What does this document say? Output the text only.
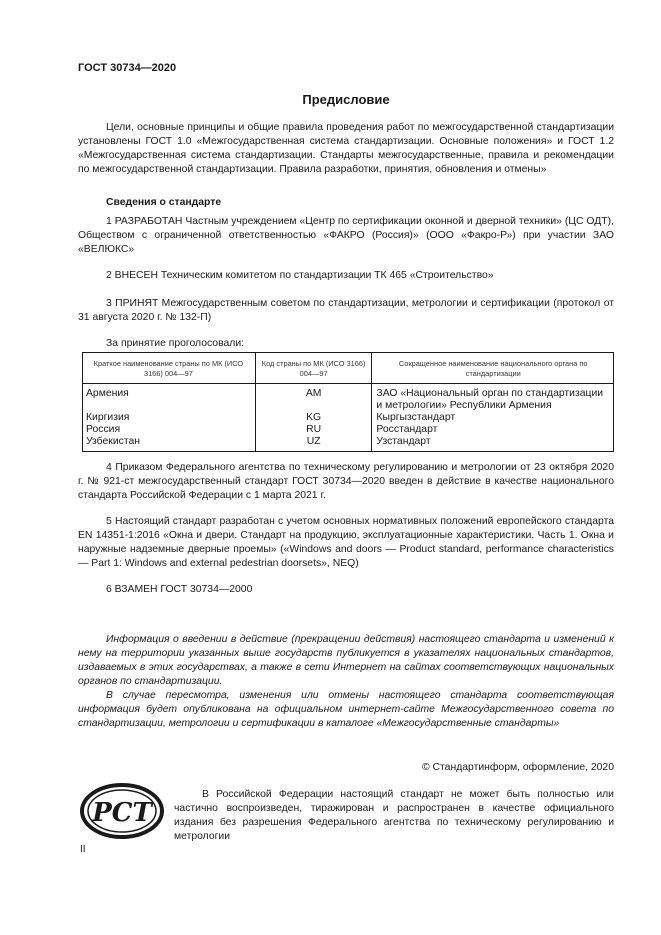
ГОСТ 30734—2020
Предисловие
Цели, основные принципы и общие правила проведения работ по межгосударственной стандартизации установлены ГОСТ 1.0 «Межгосударственная система стандартизации. Основные положения» и ГОСТ 1.2 «Межгосударственная система стандартизации. Стандарты межгосударственные, правила и рекомендации по межгосударственной стандартизации. Правила разработки, принятия, обновления и отмены»
Сведения о стандарте
1 РАЗРАБОТАН Частным учреждением «Центр по сертификации оконной и дверной техники» (ЦС ОДТ), Обществом с ограниченной ответственностью «ФАКРО (Россия)» (ООО «Факро-Р») при участии ЗАО «ВЕЛЮКС»
2 ВНЕСЕН Техническим комитетом по стандартизации ТК 465 «Строительство»
3 ПРИНЯТ Межгосударственным советом по стандартизации, метрологии и сертификации (протокол от 31 августа 2020 г. № 132-П)
За принятие проголосовали:
Краткое наименование страны по МК (ИСО 3166) 004—97	Код страны по МК (ИСО 3166) 004—97	Сокращенное наименование национального органа по стандартизации
Армения	AM	ЗАО «Национальный орган по стандартизации и метрологии» Республики Армения
Киргизия	KG	Кыргызстандарт
Россия	RU	Росстандарт
Узбекистан	UZ	Узстандарт
4 Приказом Федерального агентства по техническому регулированию и метрологии от 23 октября 2020 г. № 921-ст межгосударственный стандарт ГОСТ 30734—2020 введен в действие в качестве национального стандарта Российской Федерации с 1 марта 2021 г.
5 Настоящий стандарт разработан с учетом основных нормативных положений европейского стандарта EN 14351-1:2016 «Окна и двери. Стандарт на продукцию, эксплуатационные характеристики. Часть 1. Окна и наружные надземные дверные проемы» («Windows and doors — Product standard, performance characteristics — Part 1: Windows and external pedestrian doorsets», NEQ)
6 ВЗАМЕН ГОСТ 30734—2000
Информация о введении в действие (прекращении действия) настоящего стандарта и изменений к нему на территории указанных выше государств публикуется в указателях национальных стандартов, издаваемых в этих государствах, а также в сети Интернет на сайтах соответствующих национальных органов по стандартизации.
В случае пересмотра, изменения или отмены настоящего стандарта соответствующая информация будет опубликована на официальном интернет-сайте Межгосударственного совета по стандартизации, метрологии и сертификации в каталоге «Межгосударственные стандарты»
© Стандартинформ, оформление, 2020
РСТ
В Российской Федерации настоящий стандарт не может быть полностью или частично воспроизведен, тиражирован и распространен в качестве официального издания без разрешения Федерального агентства по техническому регулированию и метрологии
II
